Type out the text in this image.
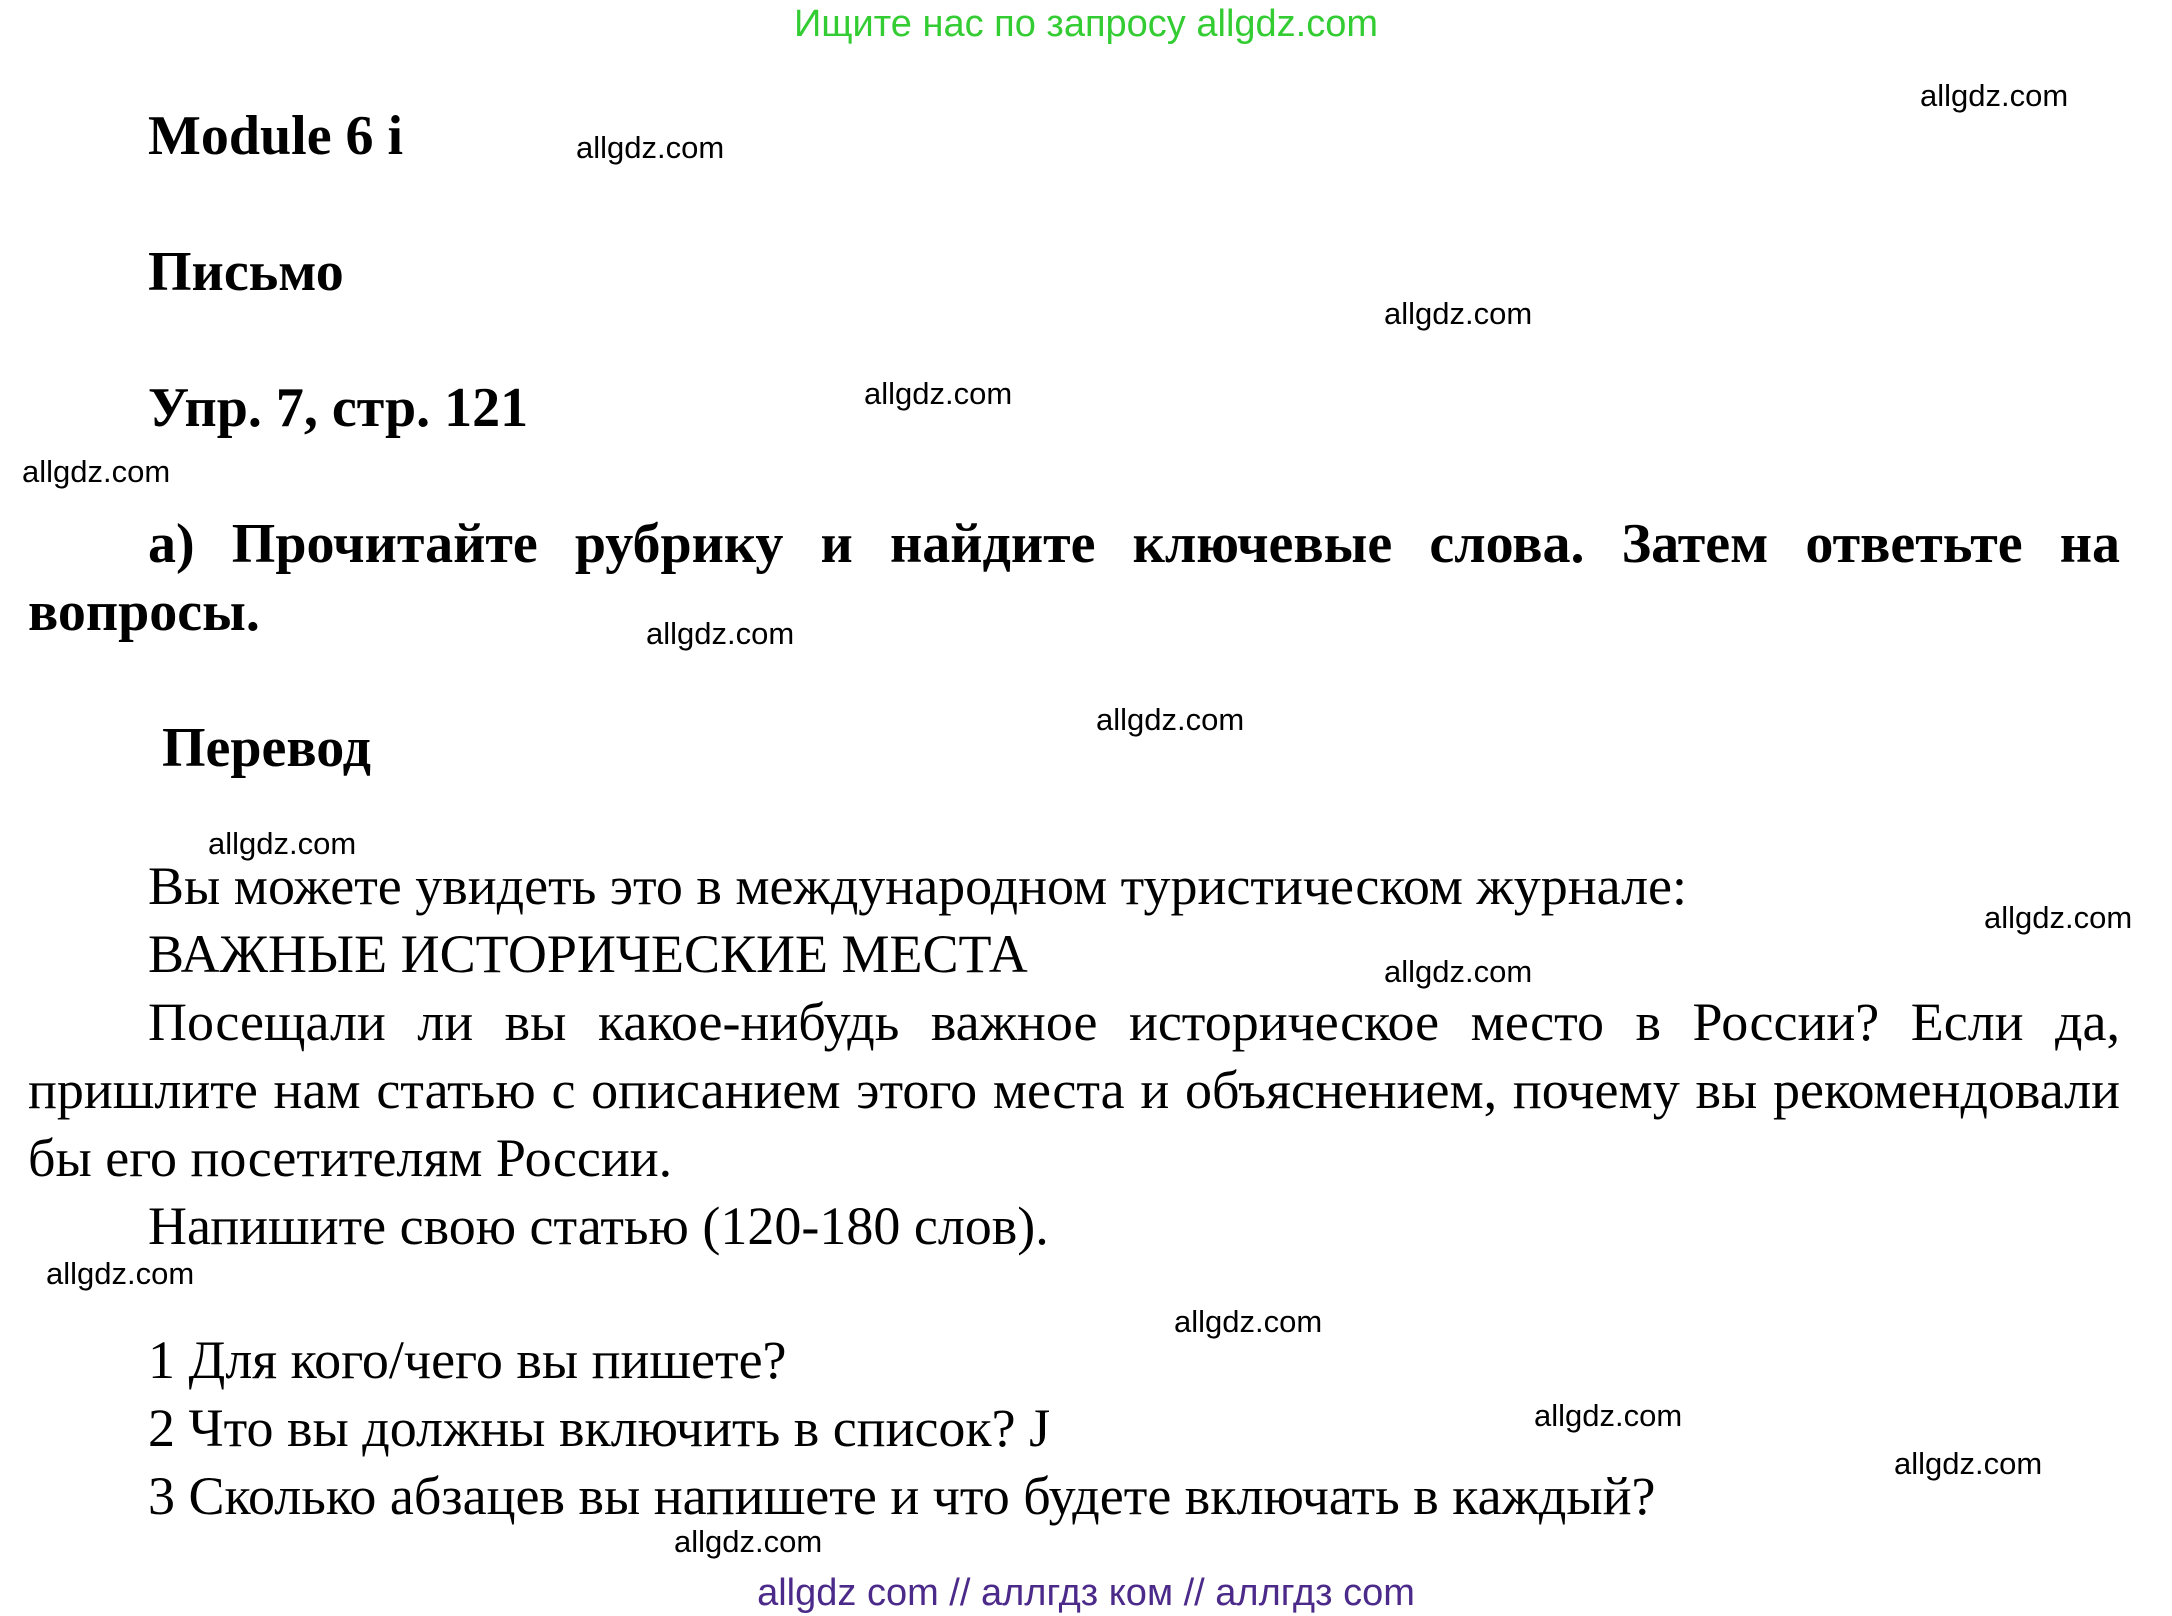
Ищите нас по запросу allgdz.com
Module 6 i
Письмо
Упр. 7, стр. 121
а) Прочитайте рубрику и найдите ключевые слова. Затем ответьте на вопросы.
Перевод
Вы можете увидеть это в международном туристическом журнале:
ВАЖНЫЕ ИСТОРИЧЕСКИЕ МЕСТА
Посещали ли вы какое-нибудь важное историческое место в России? Если да, пришлите нам статью с описанием этого места и объяснением, почему вы рекомендовали бы его посетителям России.
Напишите свою статью (120-180 слов).
1 Для кого/чего вы пишете?
2 Что вы должны включить в список? J
3 Сколько абзацев вы напишете и что будете включать в каждый?
allgdz.com
allgdz.com
allgdz.com
allgdz.com
allgdz.com
allgdz.com
allgdz.com
allgdz.com
allgdz.com
allgdz.com
allgdz.com
allgdz.com
allgdz.com
allgdz.com
allgdz.com
allgdz com // аллгдз ком // аллгдз com
